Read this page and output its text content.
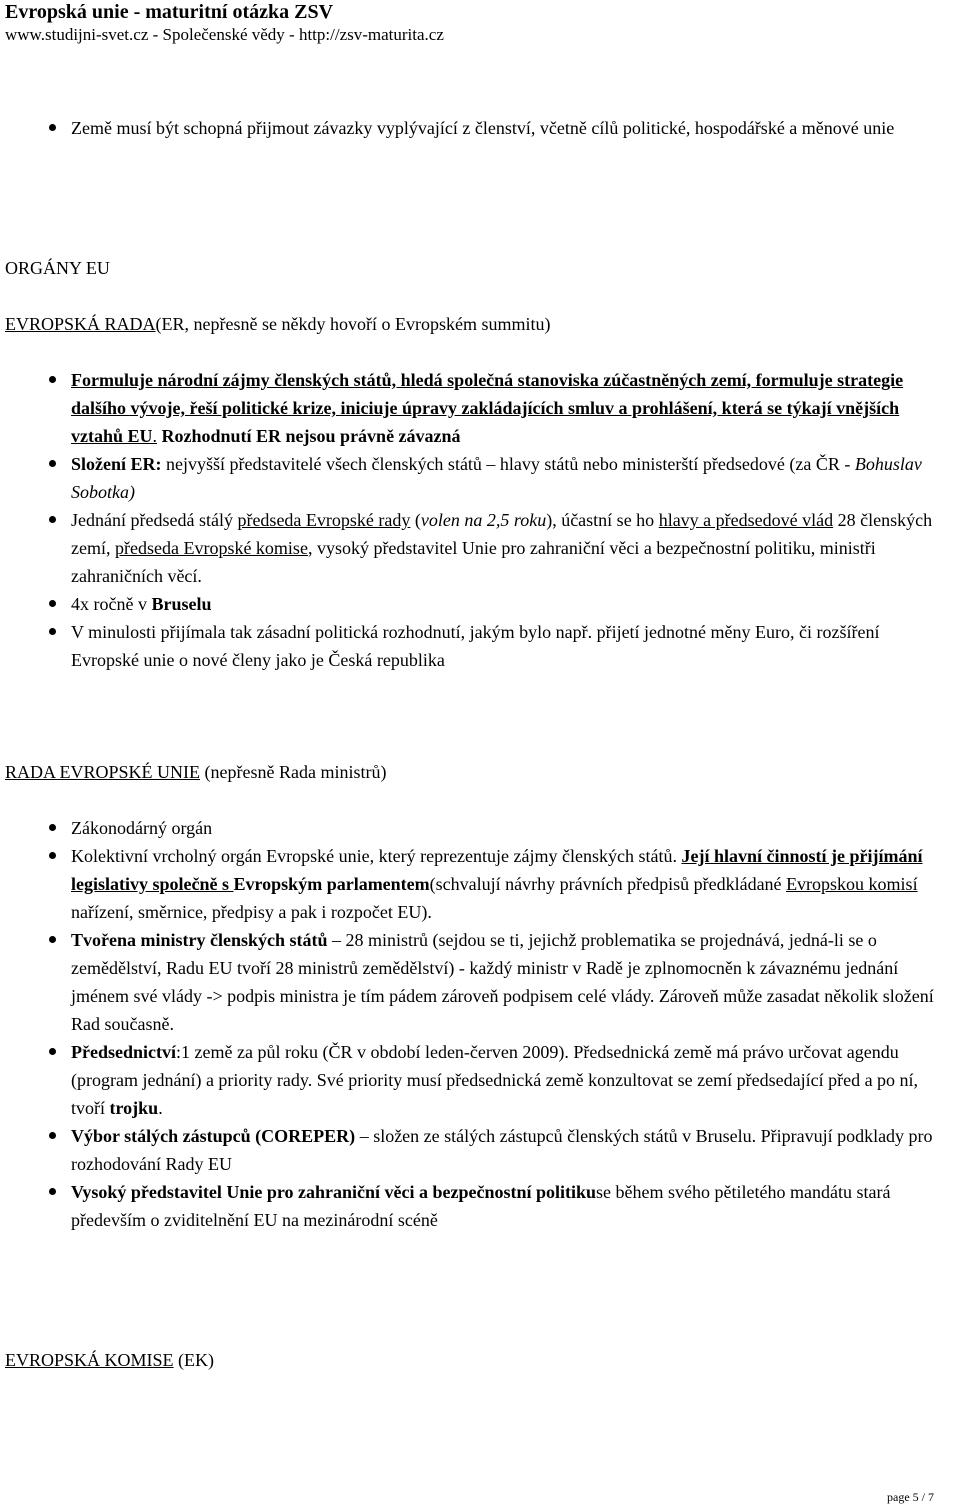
Evropská unie - maturitní otázka ZSV
www.studijni-svet.cz - Společenské vědy - http://zsv-maturita.cz
Země musí být schopná přijmout závazky vyplývající z členství, včetně cílů politické, hospodářské a měnové unie
ORGÁNY EU
EVROPSKÁ RADA(ER, nepřesně se někdy hovoří o Evropském summitu)
Formuluje národní zájmy členských států, hledá společná stanoviska zúčastněných zemí, formuluje strategie dalšího vývoje, řeší politické krize, iniciuje úpravy zakládajících smluv a prohlášení, která se týkají vnějších vztahů EU. Rozhodnutí ER nejsou právně závazná
Složení ER: nejvyšší představitelé všech členských států – hlavy států nebo ministerští předsedové (za ČR - Bohuslav Sobotka)
Jednání předsedá stálý předseda Evropské rady (volen na 2,5 roku), účastní se ho hlavy a předsedové vlád 28 členských zemí, předseda Evropské komise, vysoký představitel Unie pro zahraniční věci a bezpečnostní politiku, ministři zahraničních věcí.
4x ročně v Bruselu
V minulosti přijímala tak zásadní politická rozhodnutí, jakým bylo např. přijetí jednotné měny Euro, či rozšíření Evropské unie o nové členy jako je Česká republika
RADA EVROPSKÉ UNIE (nepřesně Rada ministrů)
Zákonodárný orgán
Kolektivní vrcholný orgán Evropské unie, který reprezentuje zájmy členských států. Její hlavní činností je přijímání legislativy společně s Evropským parlamentem(schvalují návrhy právních předpisů předkládané Evropskou komisí nařízení, směrnice, předpisy a pak i rozpočet EU).
Tvořena ministry členských států – 28 ministrů (sejdou se ti, jejichž problematika se projednává, jedná-li se o zemědělství, Radu EU tvoří 28 ministrů zemědělství) - každý ministr v Radě je zplnomocněn k závaznému jednání jménem své vlády -> podpis ministra je tím pádem zároveň podpisem celé vlády. Zároveň může zasadat několik složení Rad současně.
Předsednictví:1 země za půl roku (ČR v období leden-červen 2009). Předsednická země má právo určovat agendu (program jednání) a priority rady. Své priority musí předsednická země konzultovat se zemí předsedající před a po ní, tvoří trojku.
Výbor stálých zástupců (COREPER) – složen ze stálých zástupců členských států v Bruselu. Připravují podklady pro rozhodování Rady EU
Vysoký představitel Unie pro zahraniční věci a bezpečnostní politikuse během svého pětiletého mandátu stará především o zviditelnění EU na mezinárodní scéně
EVROPSKÁ KOMISE (EK)
page 5 / 7
